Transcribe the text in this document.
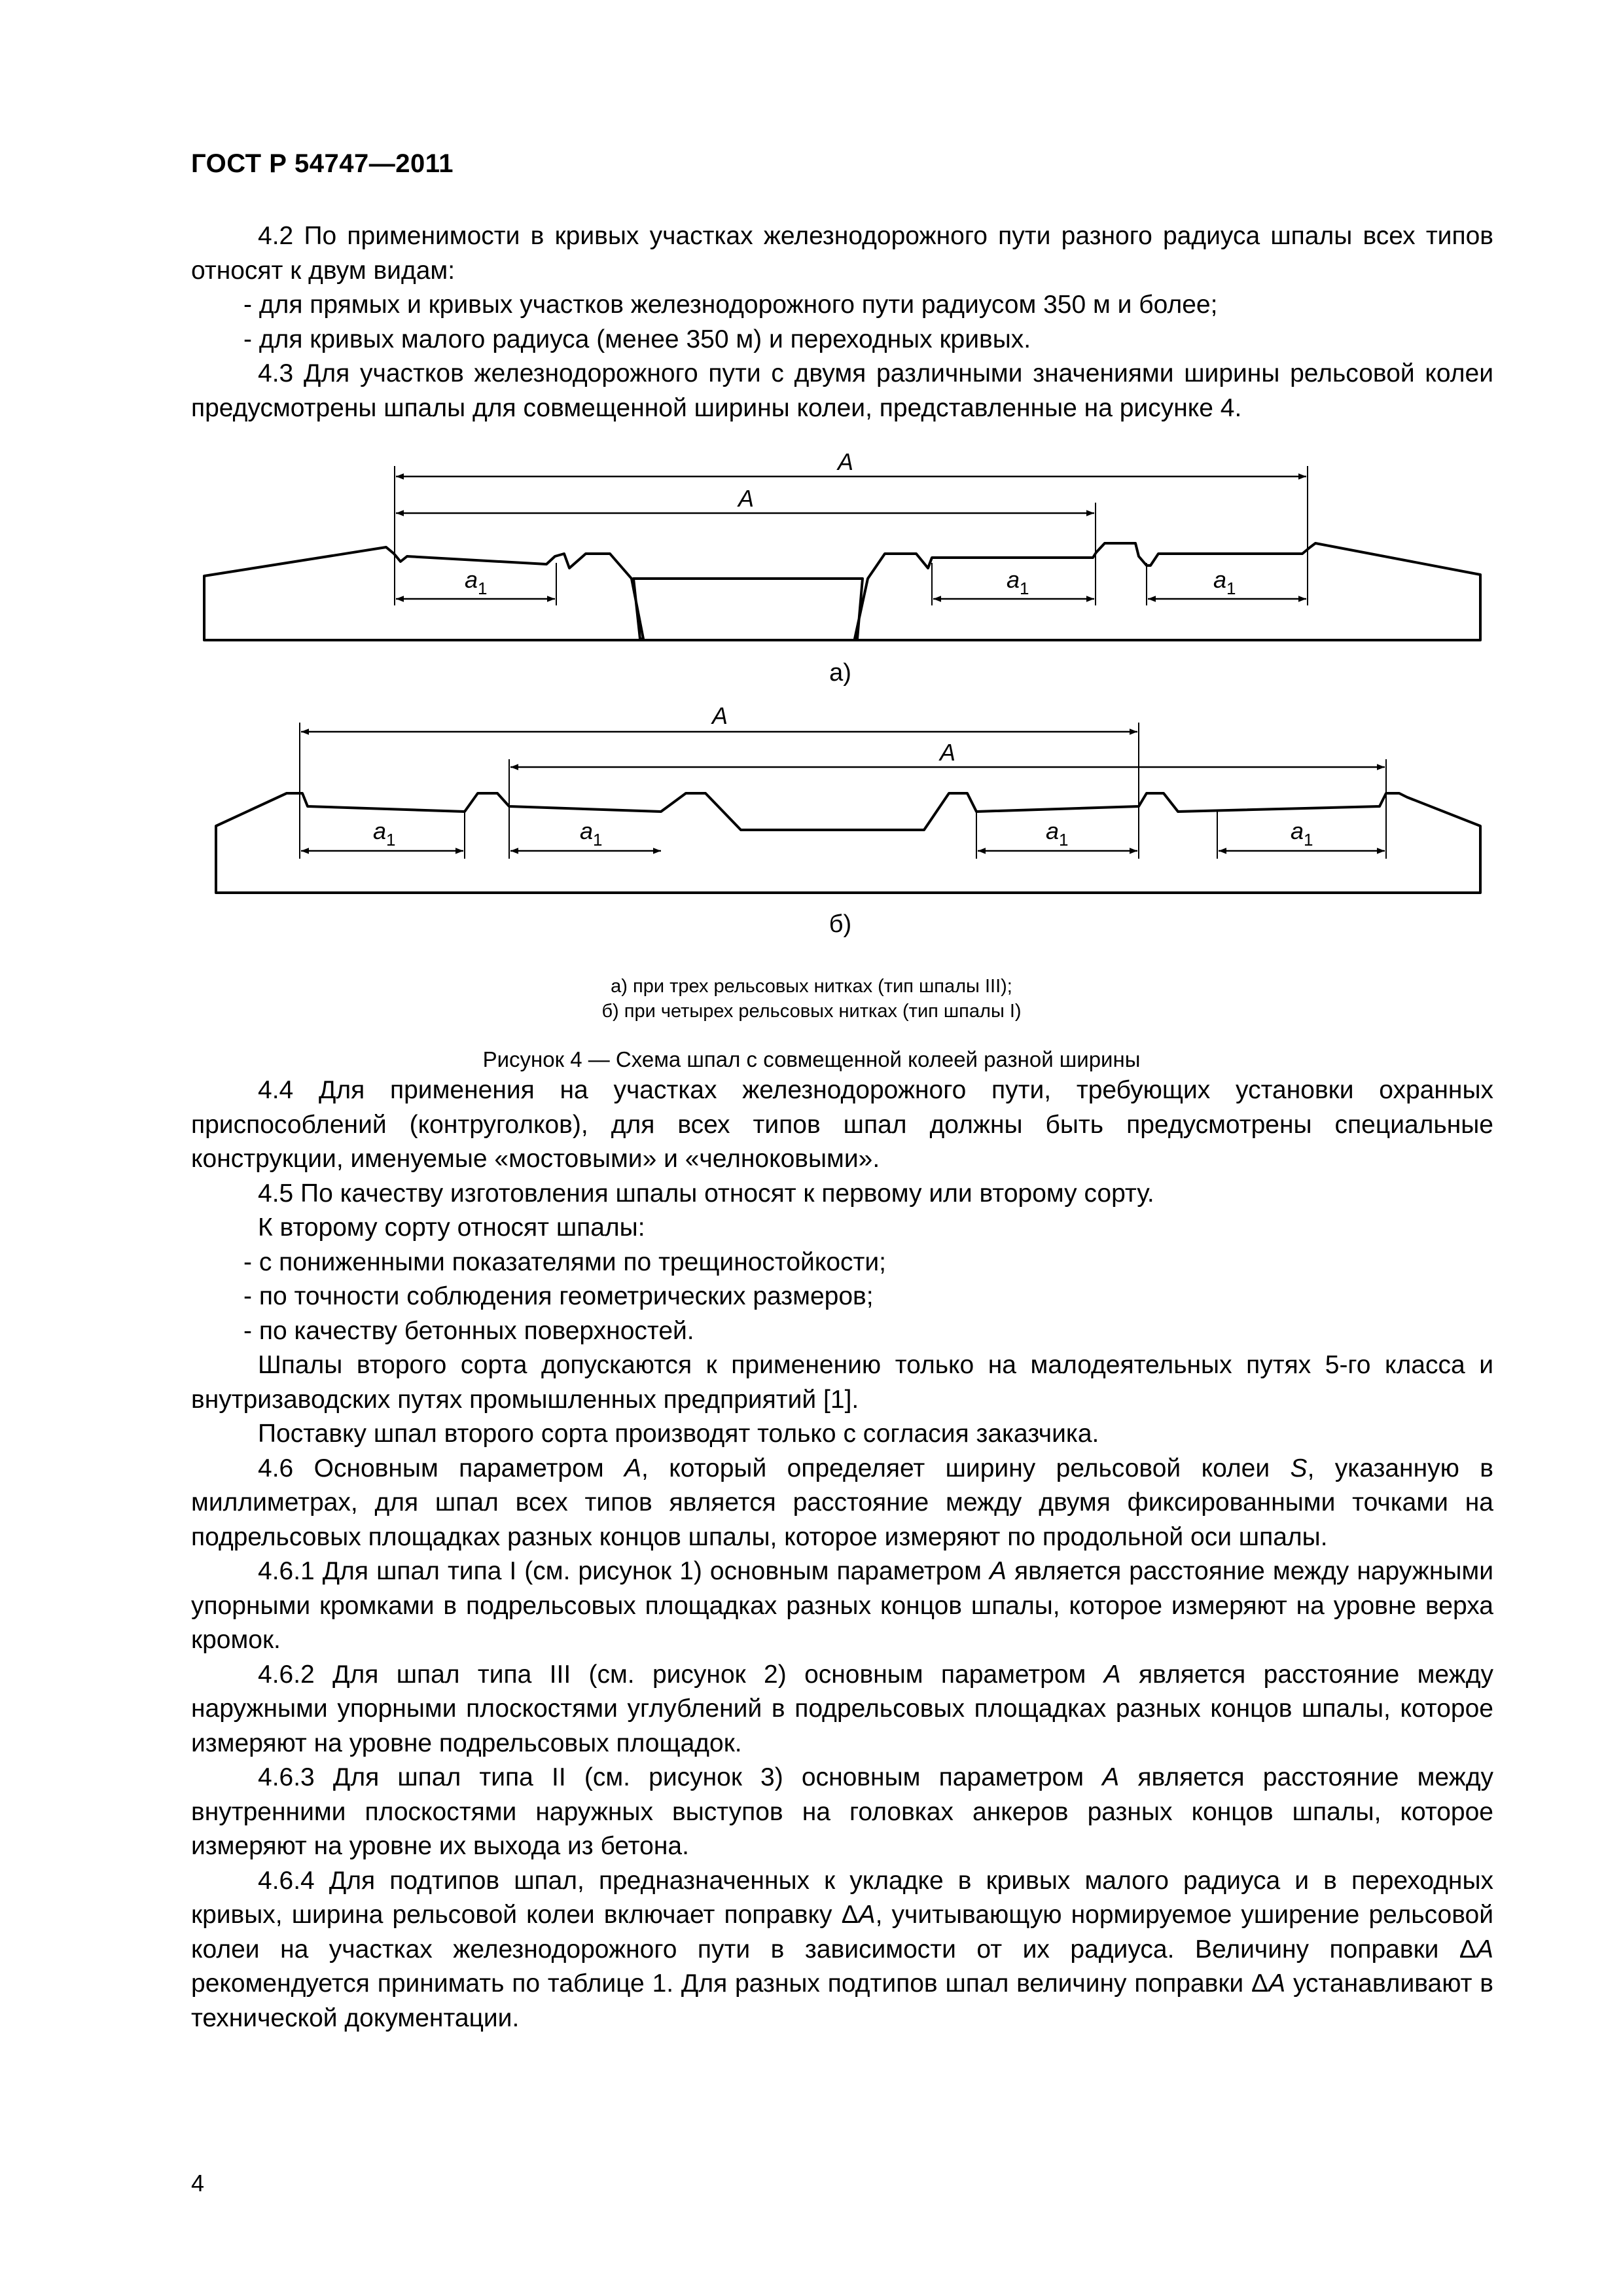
ГОСТ Р 54747—2011

4.2 По применимости в кривых участках железнодорожного пути разного радиуса шпалы всех типов относят к двум видам:

- для прямых и кривых участков железнодорожного пути радиусом 350 м и более;

- для кривых малого радиуса (менее 350 м) и переходных кривых.

4.3 Для участков железнодорожного пути с двумя различными значениями ширины рельсовой колеи предусмотрены шпалы для совмещенной ширины колеи, представленные на рисунке 4.

A
A
$a_1$	$a_1$	$a_1$
а)
A
A
$a_1$	$a_1$	$a_1$	$a_1$
б)
а) при трех рельсовых нитках (тип шпалы III);
б) при четырех рельсовых нитках (тип шпалы I)
Рисунок 4 — Схема шпал с совмещенной колеей разной ширины

4.4 Для применения на участках железнодорожного пути, требующих установки охранных приспособлений (контруголков), для всех типов шпал должны быть предусмотрены специальные конструкции, именуемые «мостовыми» и «челноковыми».

4.5 По качеству изготовления шпалы относят к первому или второму сорту.

К второму сорту относят шпалы:

- с пониженными показателями по трещиностойкости;

- по точности соблюдения геометрических размеров;

- по качеству бетонных поверхностей.

Шпалы второго сорта допускаются к применению только на малодеятельных путях 5-го класса и внутризаводских путях промышленных предприятий [1].

Поставку шпал второго сорта производят только с согласия заказчика.

4.6 Основным параметром А, который определяет ширину рельсовой колеи S, указанную в миллиметрах, для шпал всех типов является расстояние между двумя фиксированными точками на подрельсовых площадках разных концов шпалы, которое измеряют по продольной оси шпалы.

4.6.1 Для шпал типа I (см. рисунок 1) основным параметром А является расстояние между наружными упорными кромками в подрельсовых площадках разных концов шпалы, которое измеряют на уровне верха кромок.

4.6.2 Для шпал типа III (см. рисунок 2) основным параметром А является расстояние между наружными упорными плоскостями углублений в подрельсовых площадках разных концов шпалы, которое измеряют на уровне подрельсовых площадок.

4.6.3 Для шпал типа II (см. рисунок 3) основным параметром А является расстояние между внутренними плоскостями наружных выступов на головках анкеров разных концов шпалы, которое измеряют на уровне их выхода из бетона.

4.6.4 Для подтипов шпал, предназначенных к укладке в кривых малого радиуса и в переходных кривых, ширина рельсовой колеи включает поправку ΔА, учитывающую нормируемое уширение рельсовой колеи на участках железнодорожного пути в зависимости от их радиуса. Величину поправки ΔА рекомендуется принимать по таблице 1. Для разных подтипов шпал величину поправки ΔА устанавливают в технической документации.

4
